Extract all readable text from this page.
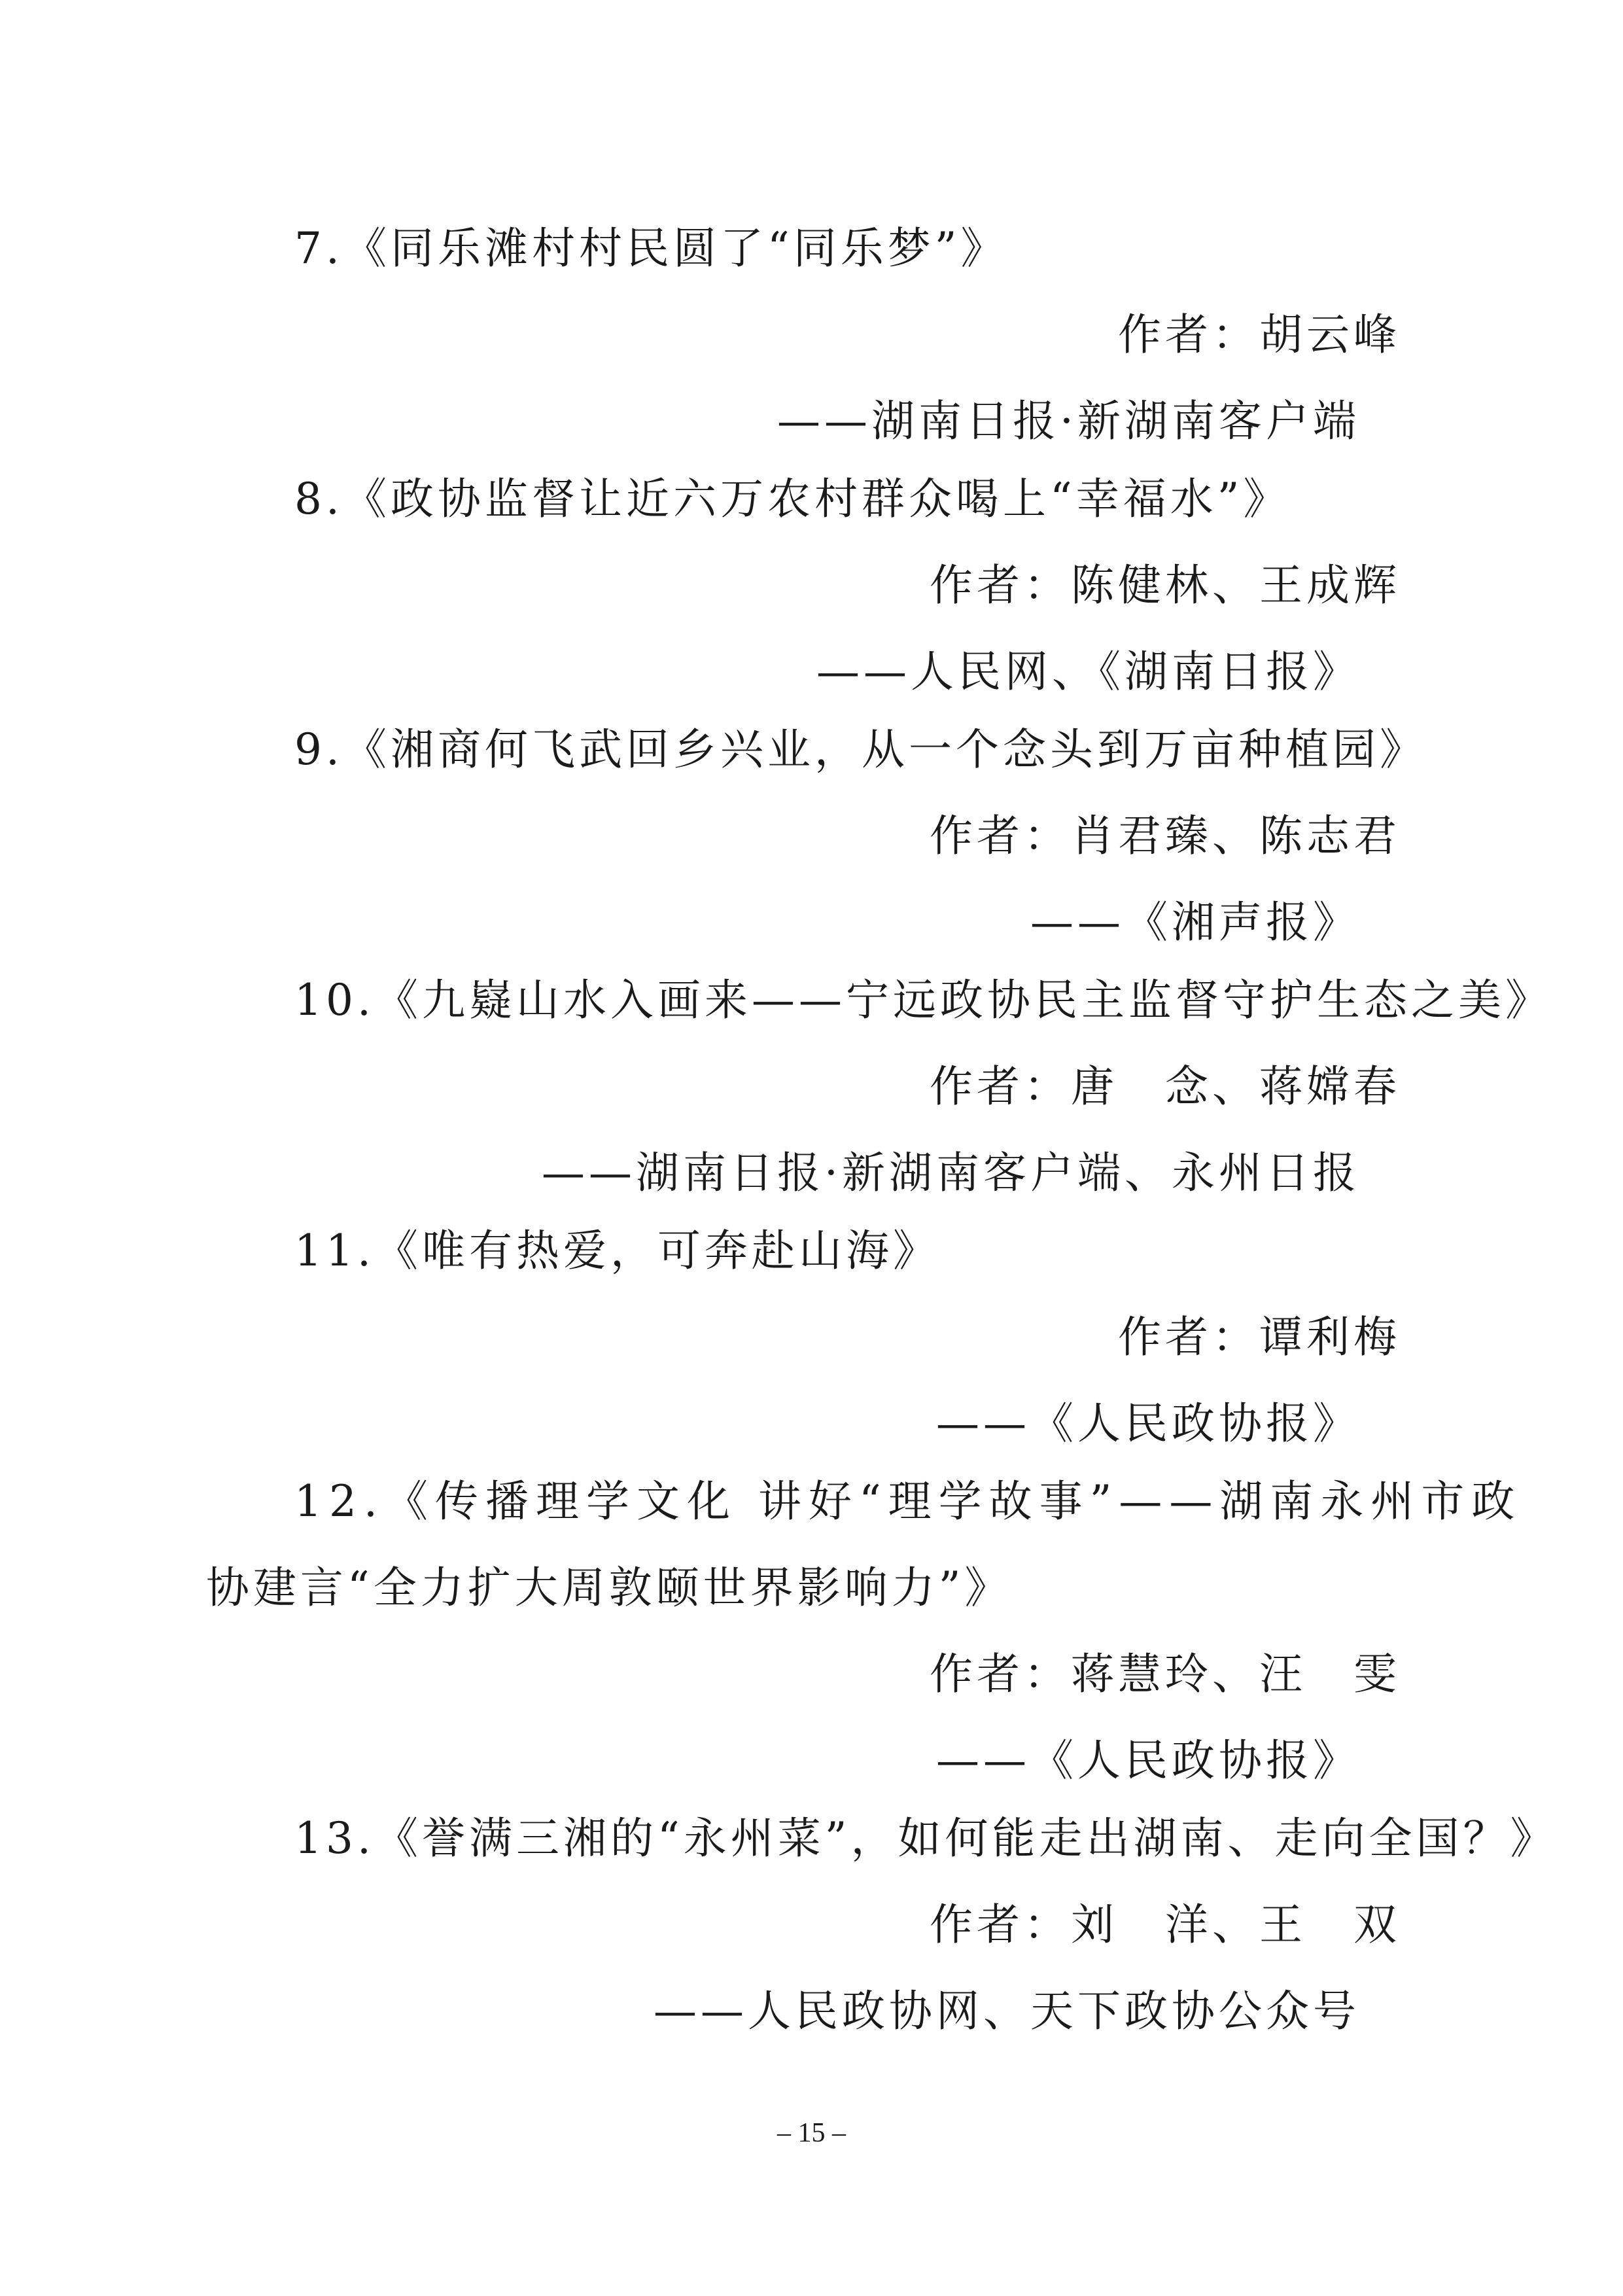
7.《同乐滩村村民圆了“同乐梦”》
作者：胡云峰
——湖南日报·新湖南客户端
8.《政协监督让近六万农村群众喝上“幸福水”》
作者：陈健林、王成辉
——人民网、《湖南日报》
9.《湘商何飞武回乡兴业，从一个念头到万亩种植园》
作者：肖君臻、陈志君
——《湘声报》
10.《九嶷山水入画来——宁远政协民主监督守护生态之美》
作者：唐　念、蒋嫦春
——湖南日报·新湖南客户端、永州日报
11.《唯有热爱，可奔赴山海》
作者：谭利梅
——《人民政协报》
12.《传播理学文化 讲好“理学故事”——湖南永州市政
协建言“全力扩大周敦颐世界影响力”》
作者：蒋慧玲、汪　雯
——《人民政协报》
13.《誉满三湘的“永州菜”，如何能走出湖南、走向全国？》
作者：刘　洋、王　双
——人民政协网、天下政协公众号
– 15 –
